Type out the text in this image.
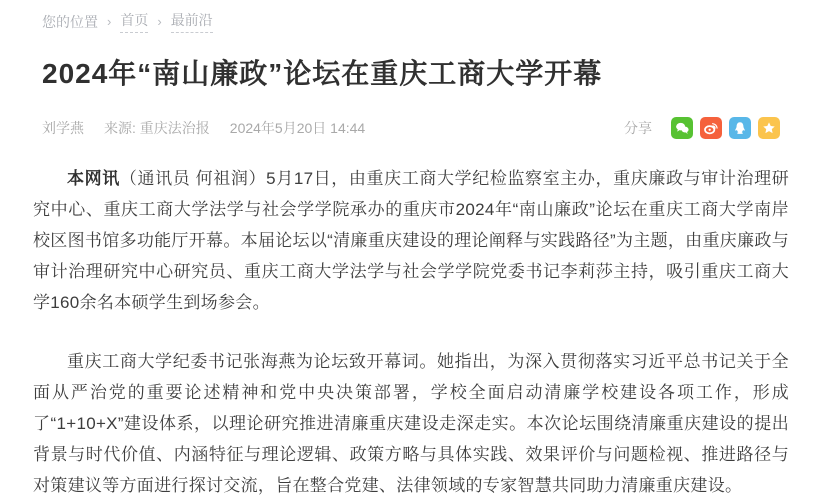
您的位置 › 首页 › 最前沿
2024年“南山廉政”论坛在重庆工商大学开幕
刘学燕 来源: 重庆法治报 2024年5月20日 14:44	分享

本网讯（通讯员 何祖润）5月17日，由重庆工商大学纪检监察室主办，重庆廉政与审计治理研究中心、重庆工商大学法学与社会学学院承办的重庆市2024年“南山廉政”论坛在重庆工商大学南岸校区图书馆多功能厅开幕。本届论坛以“清廉重庆建设的理论阐释与实践路径”为主题，由重庆廉政与审计治理研究中心研究员、重庆工商大学法学与社会学学院党委书记李莉莎主持，吸引重庆工商大学160余名本硕学生到场参会。

重庆工商大学纪委书记张海燕为论坛致开幕词。她指出，为深入贯彻落实习近平总书记关于全面从严治党的重要论述精神和党中央决策部署，学校全面启动清廉学校建设各项工作，形成了“1+10+X”建设体系，以理论研究推进清廉重庆建设走深走实。本次论坛围绕清廉重庆建设的提出背景与时代价值、内涵特征与理论逻辑、政策方略与具体实践、效果评价与问题检视、推进路径与对策建议等方面进行探讨交流，旨在整合党建、法律领域的专家智慧共同助力清廉重庆建设。
